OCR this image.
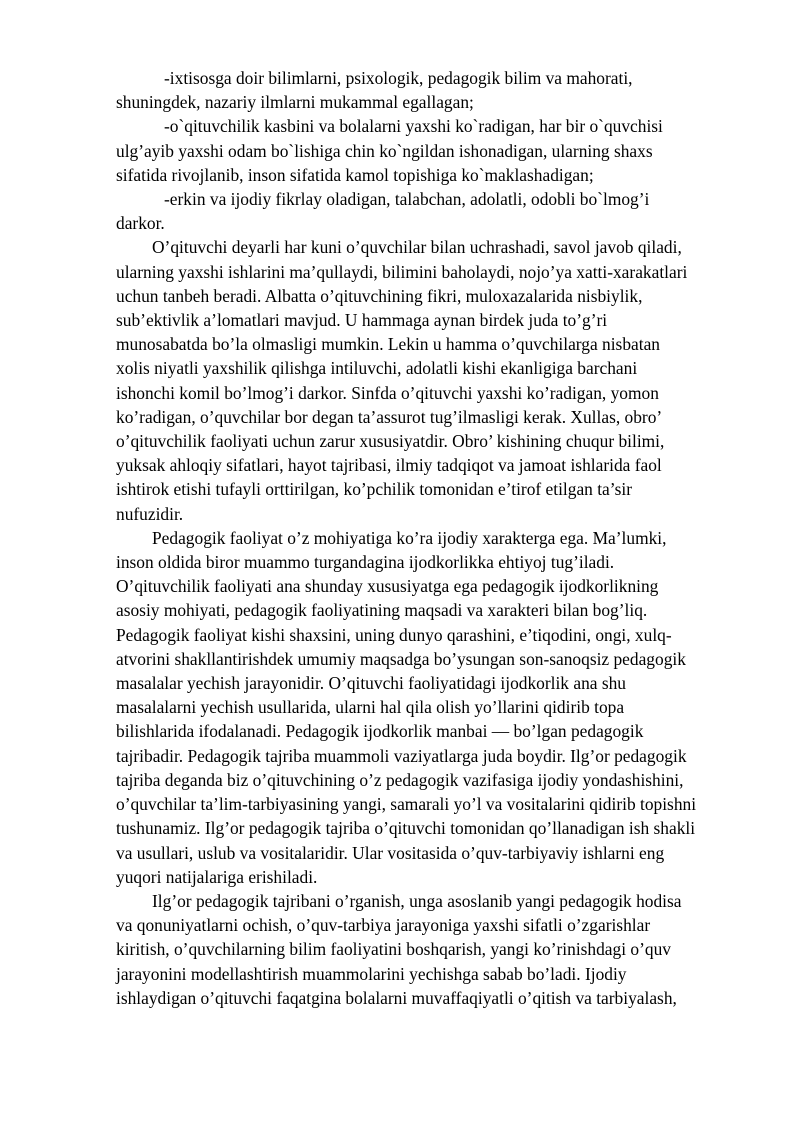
-ixtisosga doir bilimlarni, psixologik, pedagogik bilim va mahorati,

shuningdek, nazariy ilmlarni mukammal egallagan;

-o`qituvchilik kasbini va bolalarni yaxshi ko`radigan, har bir o`quvchisi

ulg’ayib yaxshi odam bo`lishiga chin ko`ngildan ishonadigan, ularning shaxs

sifatida rivojlanib, inson sifatida kamol topishiga ko`maklashadigan;

-erkin va ijodiy fikrlay oladigan, talabchan, adolatli, odobli bo`lmog’i

darkor.

O’qituvchi deyarli har kuni o’quvchilar bilan uchrashadi, savol javob qiladi,

ularning yaxshi ishlarini ma’qullaydi, bilimini baholaydi, nojo’ya xatti-xarakatlari

uchun tanbeh beradi. Albatta o’qituvchining fikri, muloxazalarida nisbiylik,

sub’ektivlik a’lomatlari mavjud. U hammaga aynan birdek juda to’g’ri

munosabatda bo’la olmasligi mumkin. Lekin u hamma o’quvchilarga nisbatan

xolis niyatli yaxshilik qilishga intiluvchi, adolatli kishi ekanligiga barchani

ishonchi komil bo’lmog’i darkor. Sinfda o’qituvchi yaxshi ko’radigan, yomon

ko’radigan, o’quvchilar bor degan ta’assurot tug’ilmasligi kerak. Xullas, obro’

o’qituvchilik faoliyati uchun zarur xususiyatdir. Obro’ kishining chuqur bilimi,

yuksak ahloqiy sifatlari, hayot tajribasi, ilmiy tadqiqot va jamoat ishlarida faol

ishtirok etishi tufayli orttirilgan, ko’pchilik tomonidan e’tirof etilgan ta’sir

nufuzidir.

Pedagogik faoliyat o’z mohiyatiga ko’ra ijodiy xarakterga ega. Ma’lumki,

inson oldida biror muammo turgandagina ijodkorlikka ehtiyoj tug’iladi.

O’qituvchilik faoliyati ana shunday xususiyatga ega pedagogik ijodkorlikning

asosiy mohiyati, pedagogik faoliyatining maqsadi va xarakteri bilan bog’liq.

Pedagogik faoliyat kishi shaxsini, uning dunyo qarashini, e’tiqodini, ongi, xulq-

atvorini shakllantirishdek umumiy maqsadga bo’ysungan son-sanoqsiz pedagogik

masalalar yechish jarayonidir. O’qituvchi faoliyatidagi ijodkorlik ana shu

masalalarni yechish usullarida, ularni hal qila olish yo’llarini qidirib topa

bilishlarida ifodalanadi. Pedagogik ijodkorlik manbai — bo’lgan pedagogik

tajribadir. Pedagogik tajriba muammoli vaziyatlarga juda boydir. Ilg’or pedagogik

tajriba deganda biz o’qituvchining o’z pedagogik vazifasiga ijodiy yondashishini,

o’quvchilar ta’lim-tarbiyasining yangi, samarali yo’l va vositalarini qidirib topishni

tushunamiz. Ilg’or pedagogik tajriba o’qituvchi tomonidan qo’llanadigan ish shakli

va usullari, uslub va vositalaridir. Ular vositasida o’quv-tarbiyaviy ishlarni eng

yuqori natijalariga erishiladi.

Ilg’or pedagogik tajribani o’rganish, unga asoslanib yangi pedagogik hodisa

va qonuniyatlarni ochish, o’quv-tarbiya jarayoniga yaxshi sifatli o’zgarishlar

kiritish, o’quvchilarning bilim faoliyatini boshqarish, yangi ko’rinishdagi o’quv

jarayonini modellashtirish muammolarini yechishga sabab bo’ladi. Ijodiy

ishlaydigan o’qituvchi faqatgina bolalarni muvaffaqiyatli o’qitish va tarbiyalash,
